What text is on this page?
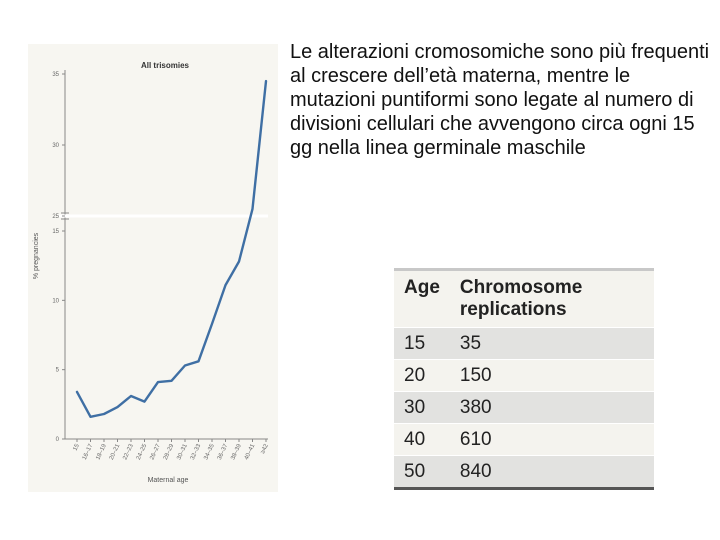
0
5
10
15
25
30
35
15 16–17 18–19 20–21 22–23 24–25 26–27 28–29 30–31 32–33 34–35 36–37 38–39 40–41 ≥42
All trisomies
Maternal age
% pregnancies

Le alterazioni cromosomiche sono più frequenti al crescere dell’età materna, mentre le mutazioni puntiformi sono legate al numero di divisioni cellulari che avvengono circa ogni 15 gg nella linea germinale maschile

Age	Chromosome replications
15	35
20	150
30	380
40	610
50	840
